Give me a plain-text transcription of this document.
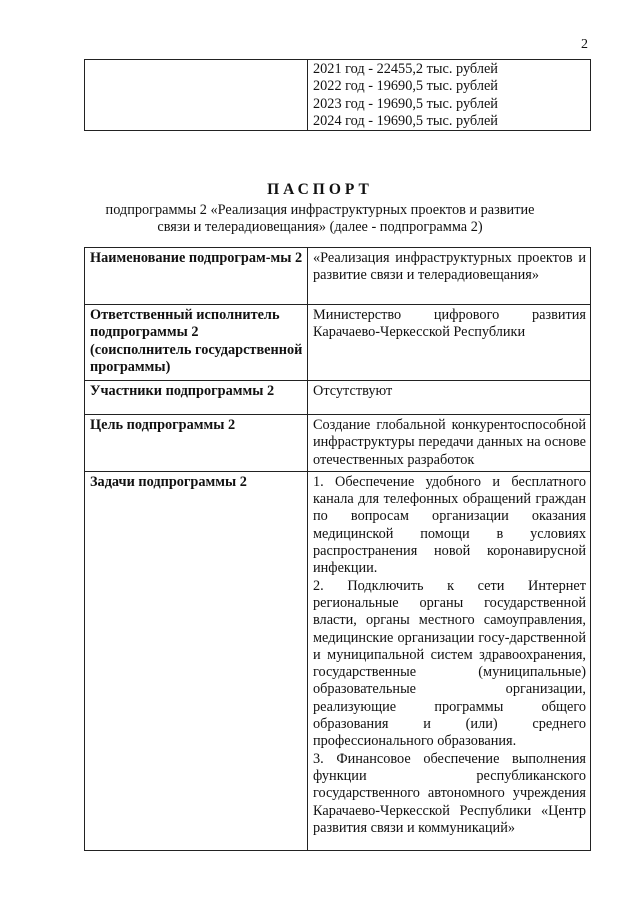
2

2021 год - 22455,2 тыс. рублей
2022 год - 19690,5 тыс. рублей
2023 год - 19690,5 тыс. рублей
2024 год - 19690,5 тыс. рублей
ПАСПОРТ
подпрограммы 2 «Реализация инфраструктурных проектов и развитие
связи и телерадиовещания» (далее - подпрограмма 2)
Наименование подпрограм-мы 2	«Реализация инфраструктурных проектов и развитие связи и телерадиовещания»
Ответственный исполнитель подпрограммы 2 (соисполнитель государственной программы)	Министерство цифрового развития Карачаево-Черкесской Республики
Участники подпрограммы 2	Отсутствуют
Цель подпрограммы 2	Создание глобальной конкурентоспособной инфраструктуры передачи данных на основе отечественных разработок
Задачи подпрограммы 2	1. Обеспечение удобного и бесплатного канала для телефонных обращений граждан по вопросам организации оказания медицинской помощи в условиях распространения новой коронавирусной инфекции.
2. Подключить к сети Интернет региональные органы государственной власти, органы местного самоуправления, медицинские организации госу-дарственной и муниципальной систем здравоохранения, государственные (муниципальные) образовательные организации, реализующие программы общего образования и (или) среднего профессионального образования.
3. Финансовое обеспечение выполнения функции республиканского государственного автономного учреждения Карачаево-Черкесской Республики «Центр развития связи и коммуникаций»
